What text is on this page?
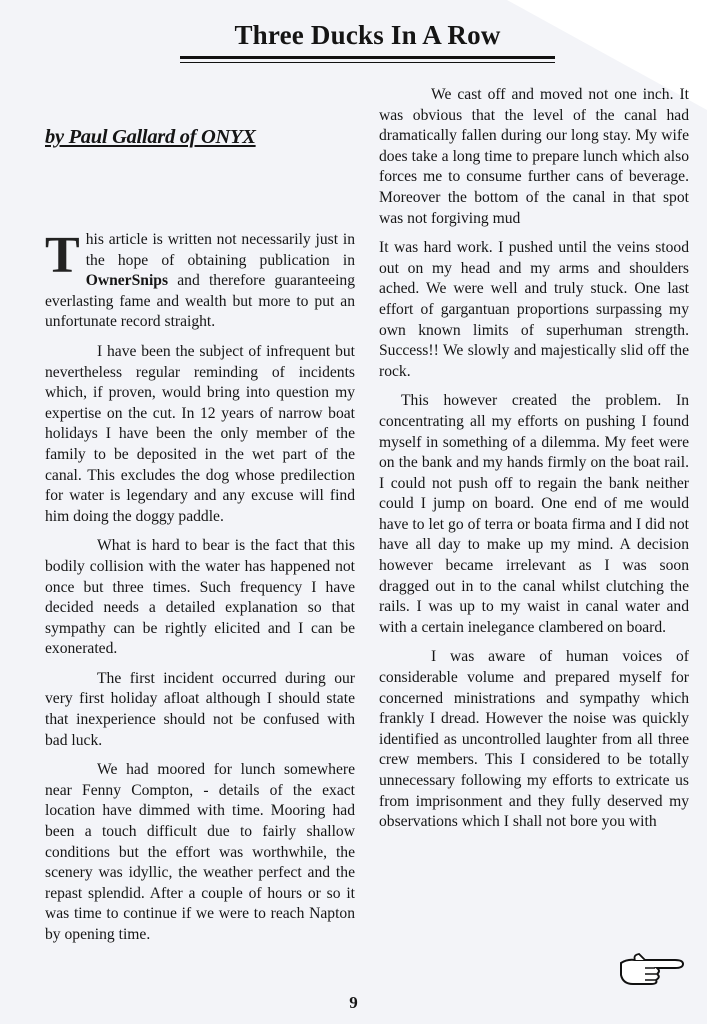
Three Ducks In A Row
by Paul Gallard of ONYX

This article is written not necessarily just in the hope of obtaining publication in OwnerSnips and therefore guaranteeing everlasting fame and wealth but more to put an unfortunate record straight.

I have been the subject of infrequent but nevertheless regular reminding of incidents which, if proven, would bring into question my expertise on the cut. In 12 years of narrow boat holidays I have been the only member of the family to be deposited in the wet part of the canal. This excludes the dog whose predilection for water is legendary and any excuse will find him doing the doggy paddle.

What is hard to bear is the fact that this bodily collision with the water has happened not once but three times. Such frequency I have decided needs a detailed explanation so that sympathy can be rightly elicited and I can be exonerated.

The first incident occurred during our very first holiday afloat although I should state that inexperience should not be confused with bad luck.

We had moored for lunch somewhere near Fenny Compton, - details of the exact location have dimmed with time. Mooring had been a touch difficult due to fairly shallow conditions but the effort was worthwhile, the scenery was idyllic, the weather perfect and the repast splendid. After a couple of hours or so it was time to continue if we were to reach Napton by opening time.

We cast off and moved not one inch. It was obvious that the level of the canal had dramatically fallen during our long stay. My wife does take a long time to prepare lunch which also forces me to consume further cans of beverage. Moreover the bottom of the canal in that spot was not forgiving mud

It was hard work. I pushed until the veins stood out on my head and my arms and shoulders ached. We were well and truly stuck. One last effort of gargantuan proportions surpassing my own known limits of superhuman strength. Success!! We slowly and majestically slid off the rock.

This however created the problem. In concentrating all my efforts on pushing I found myself in something of a dilemma. My feet were on the bank and my hands firmly on the boat rail. I could not push off to regain the bank neither could I jump on board. One end of me would have to let go of terra or boata firma and I did not have all day to make up my mind. A decision however became irrelevant as I was soon dragged out in to the canal whilst clutching the rails. I was up to my waist in canal water and with a certain inelegance clambered on board.

I was aware of human voices of considerable volume and prepared myself for concerned ministrations and sympathy which frankly I dread. However the noise was quickly identified as uncontrolled laughter from all three crew members. This I considered to be totally unnecessary following my efforts to extricate us from imprisonment and they fully deserved my observations which I shall not bore you with

9
